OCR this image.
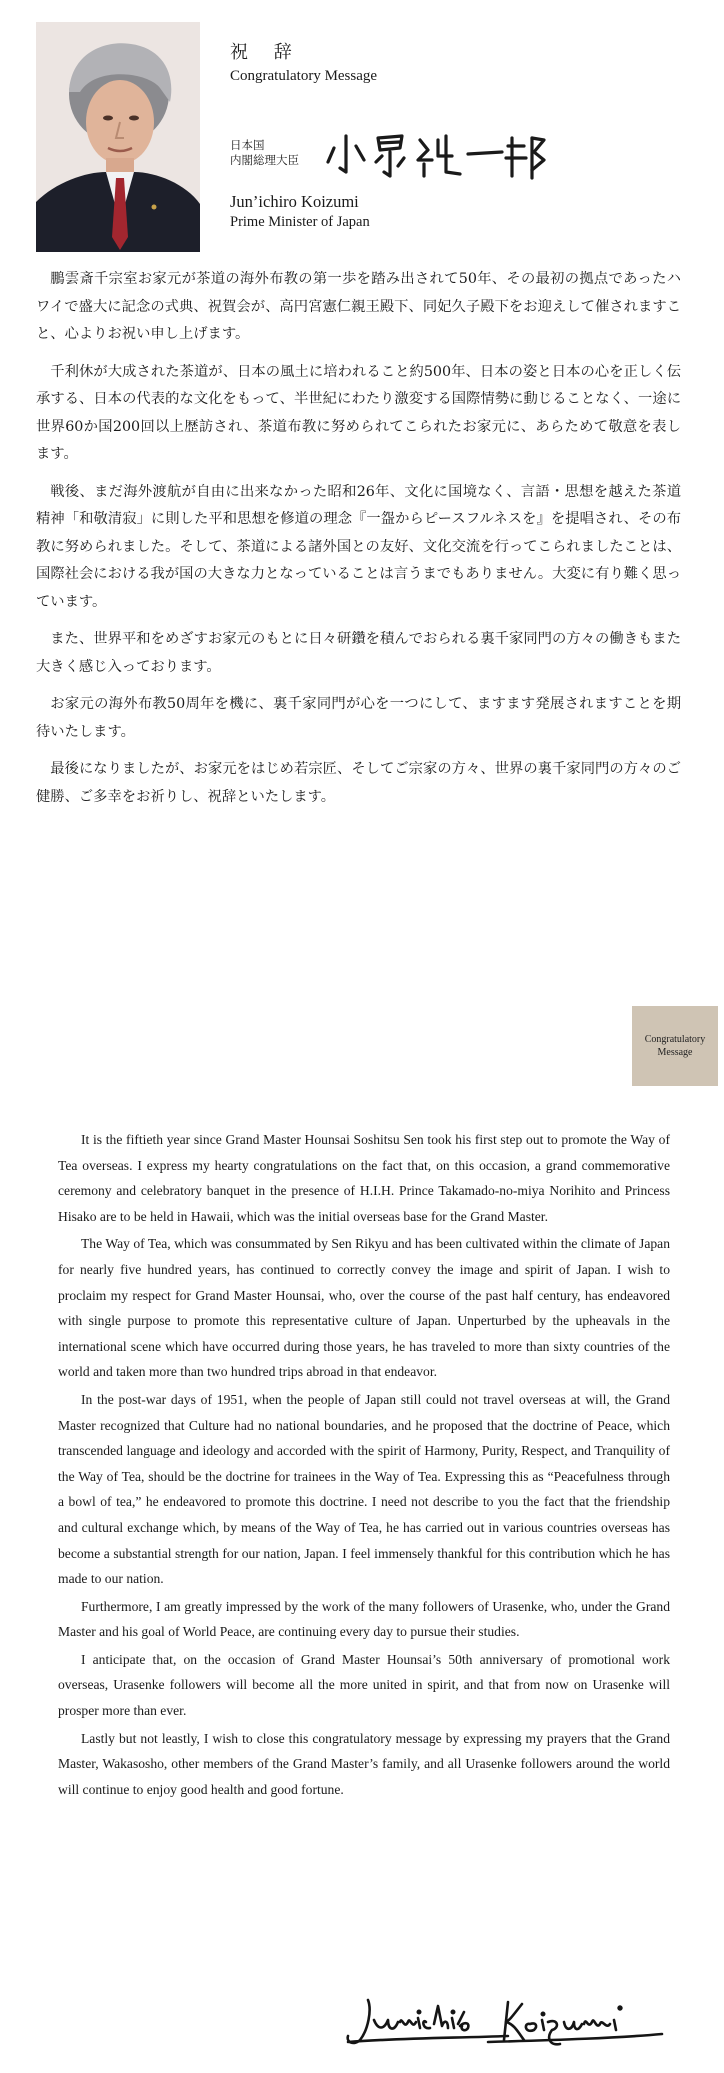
祝 辞
Congratulatory Message
日本国
内閣総理大臣
Jun’ichiro Koizumi
Prime Minister of Japan

鵬雲斎千宗室お家元が茶道の海外布教の第一歩を踏み出されて50年、その最初の拠点であったハワイで盛大に記念の式典、祝賀会が、高円宮憲仁親王殿下、同妃久子殿下をお迎えして催されますこと、心よりお祝い申し上げます。

千利休が大成された茶道が、日本の風土に培われること約500年、日本の姿と日本の心を正しく伝承する、日本の代表的な文化をもって、半世紀にわたり激変する国際情勢に動じることなく、一途に世界60か国200回以上歴訪され、茶道布教に努められてこられたお家元に、あらためて敬意を表します。

戦後、まだ海外渡航が自由に出来なかった昭和26年、文化に国境なく、言語・思想を越えた茶道精神「和敬清寂」に則した平和思想を修道の理念『一盌からピースフルネスを』を提唱され、その布教に努められました。そして、茶道による諸外国との友好、文化交流を行ってこられましたことは、国際社会における我が国の大きな力となっていることは言うまでもありません。大変に有り難く思っています。

また、世界平和をめざすお家元のもとに日々研鑽を積んでおられる裏千家同門の方々の働きもまた大きく感じ入っております。

お家元の海外布教50周年を機に、裏千家同門が心を一つにして、ますます発展されますことを期待いたします。

最後になりましたが、お家元をはじめ若宗匠、そしてご宗家の方々、世界の裏千家同門の方々のご健勝、ご多幸をお祈りし、祝辞といたします。

Congratulatory
Message

It is the fiftieth year since Grand Master Hounsai Soshitsu Sen took his first step out to promote the Way of Tea overseas. I express my hearty congratulations on the fact that, on this occasion, a grand commemorative ceremony and celebratory banquet in the presence of H.I.H. Prince Takamado-no-miya Norihito and Princess Hisako are to be held in Hawaii, which was the initial overseas base for the Grand Master.

The Way of Tea, which was consummated by Sen Rikyu and has been cultivated within the climate of Japan for nearly five hundred years, has continued to correctly convey the image and spirit of Japan. I wish to proclaim my respect for Grand Master Hounsai, who, over the course of the past half century, has endeavored with single purpose to promote this representative culture of Japan. Unperturbed by the upheavals in the international scene which have occurred during those years, he has traveled to more than sixty countries of the world and taken more than two hundred trips abroad in that endeavor.

In the post-war days of 1951, when the people of Japan still could not travel overseas at will, the Grand Master recognized that Culture had no national boundaries, and he proposed that the doctrine of Peace, which transcended language and ideology and accorded with the spirit of Harmony, Purity, Respect, and Tranquility of the Way of Tea, should be the doctrine for trainees in the Way of Tea. Expressing this as “Peacefulness through a bowl of tea,” he endeavored to promote this doctrine. I need not describe to you the fact that the friendship and cultural exchange which, by means of the Way of Tea, he has carried out in various countries overseas has become a substantial strength for our nation, Japan. I feel immensely thankful for this contribution which he has made to our nation.

Furthermore, I am greatly impressed by the work of the many followers of Urasenke, who, under the Grand Master and his goal of World Peace, are continuing every day to pursue their studies.

I anticipate that, on the occasion of Grand Master Hounsai’s 50th anniversary of promotional work overseas, Urasenke followers will become all the more united in spirit, and that from now on Urasenke will prosper more than ever.

Lastly but not leastly, I wish to close this congratulatory message by expressing my prayers that the Grand Master, Wakasosho, other members of the Grand Master’s family, and all Urasenke followers around the world will continue to enjoy good health and good fortune.
